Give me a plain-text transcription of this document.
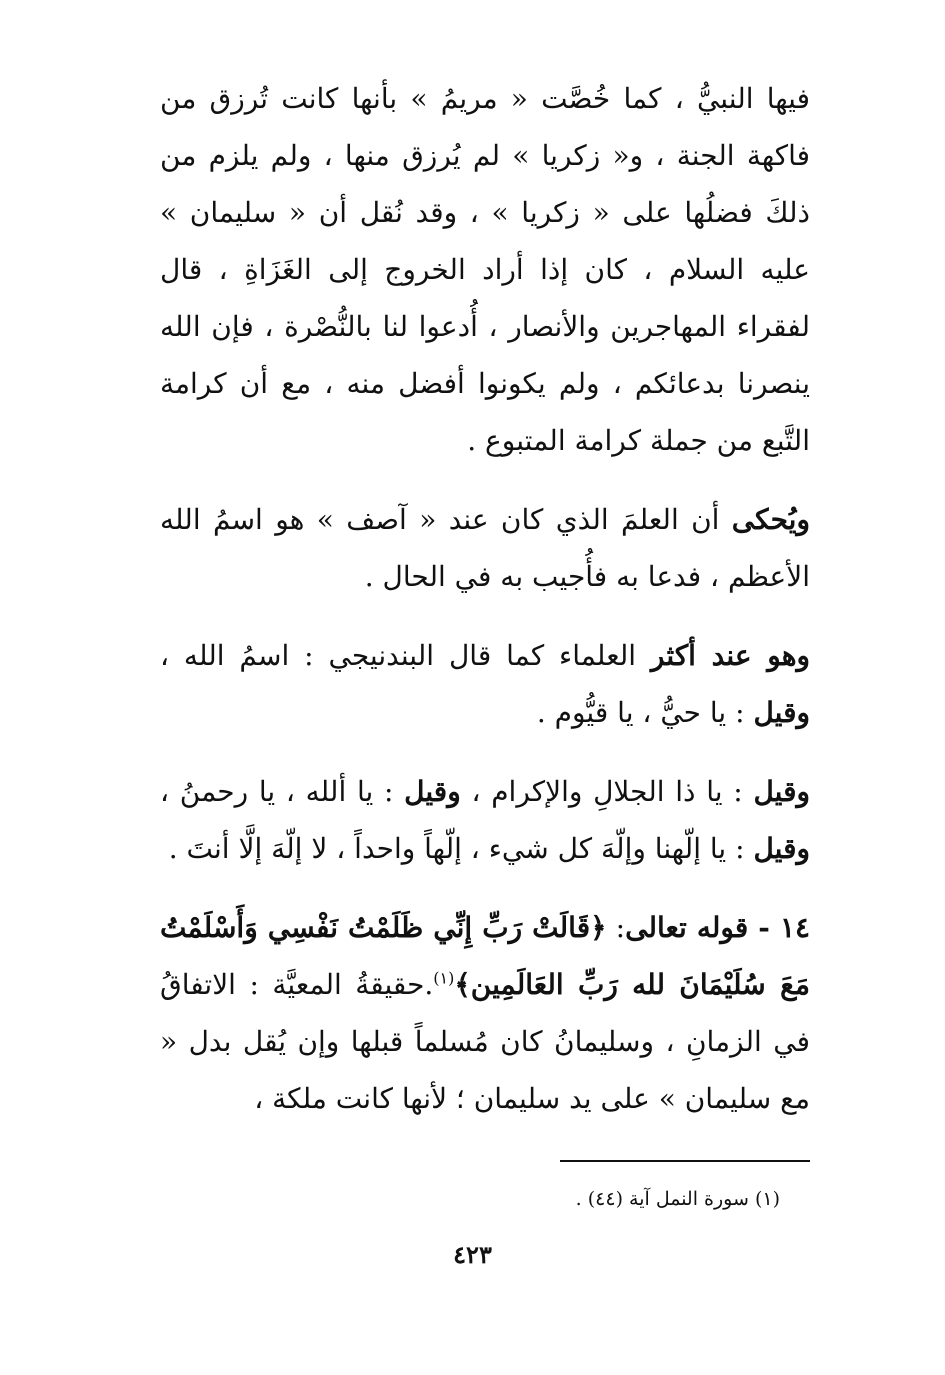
فيها النبيُّ ، كما خُصَّت « مريمُ » بأنها كانت تُرزق من فاكهة الجنة ، و« زكريا » لم يُرزق منها ، ولم يلزم من ذلكَ فضلُها على « زكريا » ، وقد نُقل أن « سليمان » عليه السلام ، كان إذا أراد الخروج إلى الغَزَاةِ ، قال لفقراء المهاجرين والأنصار ، أُدعوا لنا بالنُّصْرة ، فإن الله ينصرنا بدعائكم ، ولم يكونوا أفضل منه ، مع أن كرامة التَّبع من جملة كرامة المتبوع .

ويُحكى أن العلمَ الذي كان عند « آصف » هو اسمُ الله الأعظم ، فدعا به فأُجيب به في الحال .

وهو عند أكثر العلماء كما قال البندنيجي : اسمُ الله ، وقيل : يا حيُّ ، يا قيُّوم .

وقيل : يا ذا الجلالِ والإكرام ، وقيل : يا ألله ، يا رحمنُ ، وقيل : يا إلّهنا وإلّهَ كل شيء ، إلّهاً واحداً ، لا إلّهَ إلَّا أنتَ .

١٤ - قوله تعالى: ﴿قَالَتْ رَبِّ إِنِّي ظَلَمْتُ نَفْسِي وَأَسْلَمْتُ مَعَ سُلَيْمَانَ لله رَبِّ العَالَمِين﴾$^{(١)}$.حقيقةُ المعيَّة : الاتفاقُ في الزمانِ ، وسليمانُ كان مُسلماً قبلها وإن يُقل بدل « مع سليمان » على يد سليمان ؛ لأنها كانت ملكة ،

(١) سورة النمل آية (٤٤) .
٤٢٣
